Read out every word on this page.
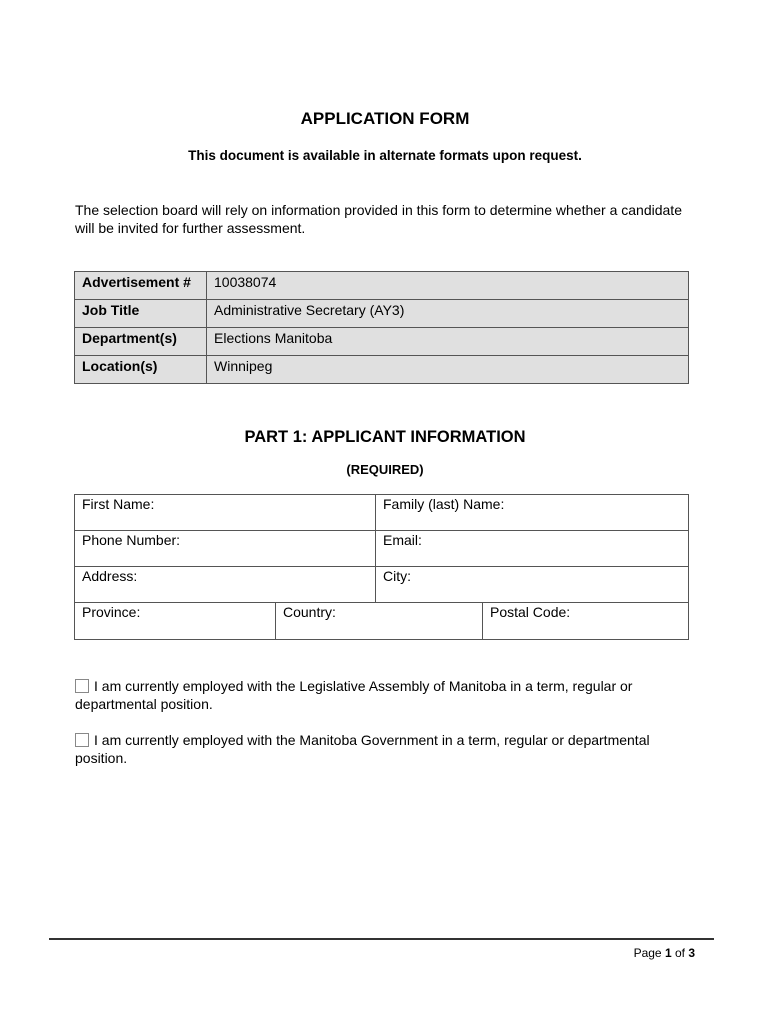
APPLICATION FORM
This document is available in alternate formats upon request.
The selection board will rely on information provided in this form to determine whether a candidate will be invited for further assessment.
Advertisement #	10038074
Job Title	Administrative Secretary (AY3)
Department(s)	Elections Manitoba
Location(s)	Winnipeg
PART 1: APPLICANT INFORMATION
(REQUIRED)
First Name:	Family (last) Name:
Phone Number:	Email:
Address:	City:
Province:	Country:	Postal Code:
I am currently employed with the Legislative Assembly of Manitoba in a term, regular or departmental position.
I am currently employed with the Manitoba Government in a term, regular or departmental position.
Page 1 of 3
